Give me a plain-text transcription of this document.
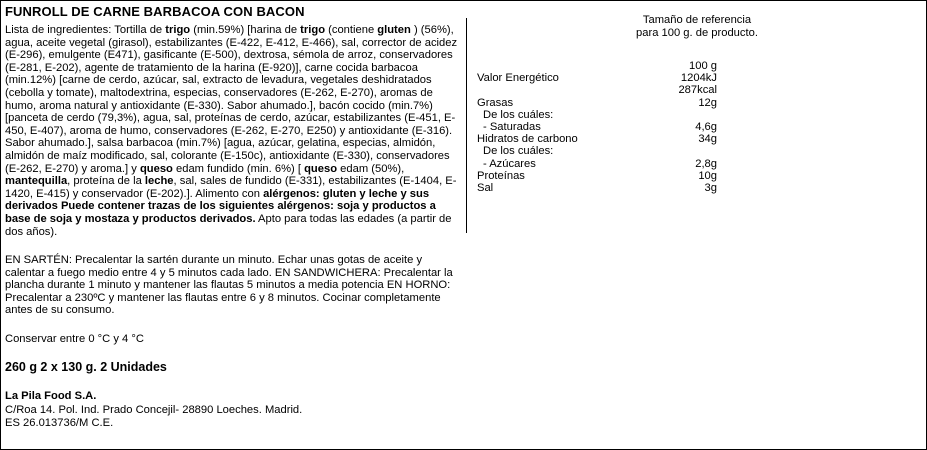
FUNROLL DE CARNE BARBACOA CON BACON
Lista de ingredientes: Tortilla de trigo (min.59%) [harina de trigo (contiene gluten ) (56%), agua, aceite vegetal (girasol), estabilizantes (E-422, E-412, E-466), sal, corrector de acidez (E-296), emulgente (E471), gasificante (E-500), dextrosa, sémola de arroz, conservadores (E-281, E-202), agente de tratamiento de la harina (E-920)], carne cocida barbacoa (min.12%) [carne de cerdo, azúcar, sal, extracto de levadura, vegetales deshidratados (cebolla y tomate), maltodextrina, especias, conservadores (E-262, E-270), aromas de humo, aroma natural y antioxidante (E-330). Sabor ahumado.], bacón cocido (min.7%) [panceta de cerdo (79,3%), agua, sal, proteínas de cerdo, azúcar, estabilizantes (E-451, E-450, E-407), aroma de humo, conservadores (E-262, E-270, E250) y antioxidante (E-316). Sabor ahumado.], salsa barbacoa (min.7%) [agua, azúcar, gelatina, especias, almidón, almidón de maíz modificado, sal, colorante (E-150c), antioxidante (E-330), conservadores (E-262, E-270) y aroma.] y queso edam fundido (min. 6%) [ queso edam (50%), mantequilla, proteína de la leche, sal, sales de fundido (E-331), estabilizantes (E-1404, E-1420, E-415) y conservador (E-202).]. Alimento con alérgenos: gluten y leche y sus derivados Puede contener trazas de los siguientes alérgenos: soja y productos a base de soja y mostaza y productos derivados. Apto para todas las edades (a partir de dos años).
EN SARTÉN: Precalentar la sartén durante un minuto. Echar unas gotas de aceite y calentar a fuego medio entre 4 y 5 minutos cada lado. EN SANDWICHERA: Precalentar la plancha durante 1 minuto y mantener las flautas 5 minutos a media potencia EN HORNO: Precalentar a 230ºC y mantener las flautas entre 6 y 8 minutos. Cocinar completamente antes de su consumo.
Conservar entre 0 °C y 4 °C
260 g 2 x 130 g. 2 Unidades
La Pila Food S.A.
C/Roa 14. Pol. Ind. Prado Concejil- 28890 Loeches. Madrid.
ES 26.013736/M C.E.
Tamaño de referencia
para 100 g. de producto.
100 g
Valor Energético	1204kJ
287kcal
Grasas	12g
De los cuáles:
- Saturadas	4,6g
Hidratos de carbono	34g
De los cuáles:
- Azúcares	2,8g
Proteínas	10g
Sal	3g
